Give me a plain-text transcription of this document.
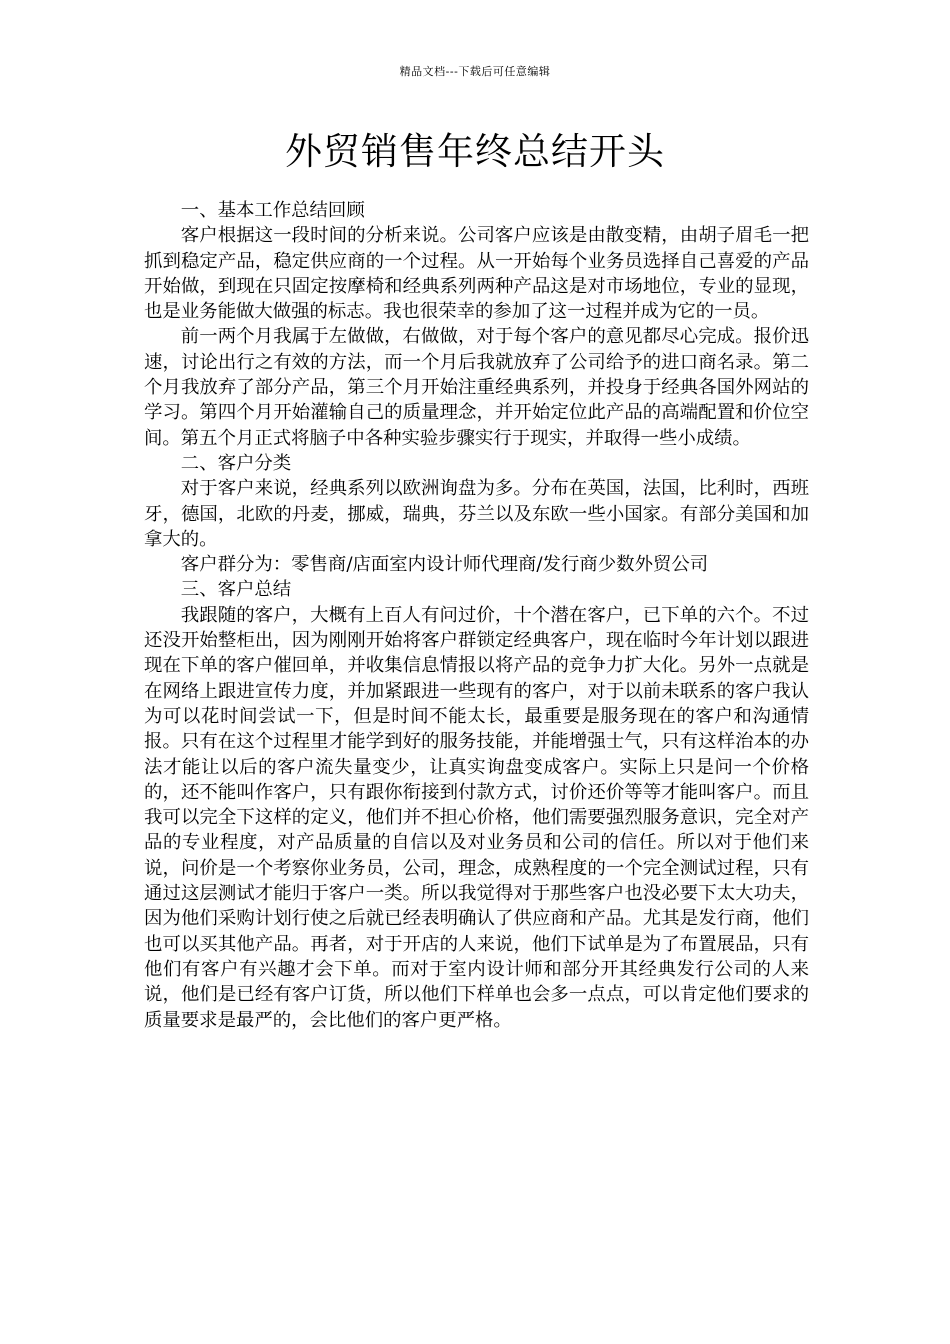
精品文档---下载后可任意编辑
外贸销售年终总结开头

一、基本工作总结回顾

客户根据这一段时间的分析来说。公司客户应该是由散变精，由胡子眉毛一把抓到稳定产品，稳定供应商的一个过程。从一开始每个业务员选择自己喜爱的产品开始做，到现在只固定按摩椅和经典系列两种产品这是对市场地位，专业的显现，也是业务能做大做强的标志。我也很荣幸的参加了这一过程并成为它的一员。

前一两个月我属于左做做，右做做，对于每个客户的意见都尽心完成。报价迅速，讨论出行之有效的方法，而一个月后我就放弃了公司给予的进口商名录。第二个月我放弃了部分产品，第三个月开始注重经典系列，并投身于经典各国外网站的学习。第四个月开始灌输自己的质量理念，并开始定位此产品的高端配置和价位空间。第五个月正式将脑子中各种实验步骤实行于现实，并取得一些小成绩。

二、客户分类

对于客户来说，经典系列以欧洲询盘为多。分布在英国，法国，比利时，西班牙，德国，北欧的丹麦，挪威，瑞典，芬兰以及东欧一些小国家。有部分美国和加拿大的。

客户群分为：零售商/店面室内设计师代理商/发行商少数外贸公司

三、客户总结

我跟随的客户，大概有上百人有问过价，十个潜在客户，已下单的六个。不过还没开始整柜出，因为刚刚开始将客户群锁定经典客户，现在临时今年计划以跟进现在下单的客户催回单，并收集信息情报以将产品的竞争力扩大化。另外一点就是在网络上跟进宣传力度，并加紧跟进一些现有的客户，对于以前未联系的客户我认为可以花时间尝试一下，但是时间不能太长，最重要是服务现在的客户和沟通情报。只有在这个过程里才能学到好的服务技能，并能增强士气，只有这样治本的办法才能让以后的客户流失量变少，让真实询盘变成客户。实际上只是问一个价格的，还不能叫作客户，只有跟你衔接到付款方式，讨价还价等等才能叫客户。而且我可以完全下这样的定义，他们并不担心价格，他们需要强烈服务意识，完全对产品的专业程度，对产品质量的自信以及对业务员和公司的信任。所以对于他们来说，问价是一个考察你业务员，公司，理念，成熟程度的一个完全测试过程，只有通过这层测试才能归于客户一类。所以我觉得对于那些客户也没必要下太大功夫，因为他们采购计划行使之后就已经表明确认了供应商和产品。尤其是发行商，他们也可以买其他产品。再者，对于开店的人来说，他们下试单是为了布置展品，只有他们有客户有兴趣才会下单。而对于室内设计师和部分开其经典发行公司的人来说，他们是已经有客户订货，所以他们下样单也会多一点点，可以肯定他们要求的质量要求是最严的，会比他们的客户更严格。
